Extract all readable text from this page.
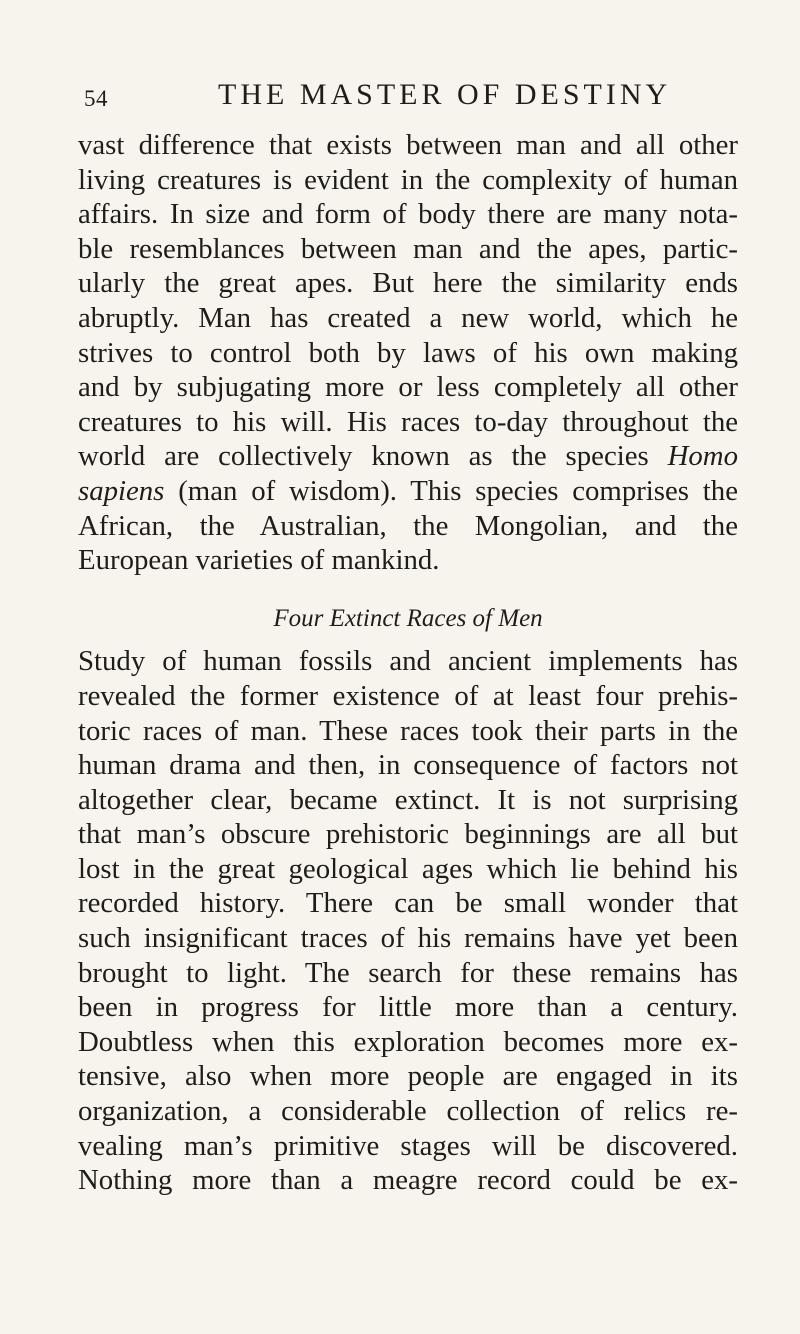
54	THE MASTER OF DESTINY
vast difference that exists between man and all other
living creatures is evident in the complexity of human
affairs. In size and form of body there are many nota-
ble resemblances between man and the apes, partic-
ularly the great apes. But here the similarity ends
abruptly. Man has created a new world, which he
strives to control both by laws of his own making
and by subjugating more or less completely all other
creatures to his will. His races to-day throughout the
world are collectively known as the species Homo
sapiens (man of wisdom). This species comprises the
African, the Australian, the Mongolian, and the
European varieties of mankind.
Four Extinct Races of Men
Study of human fossils and ancient implements has
revealed the former existence of at least four prehis-
toric races of man. These races took their parts in the
human drama and then, in consequence of factors not
altogether clear, became extinct. It is not surprising
that man’s obscure prehistoric beginnings are all but
lost in the great geological ages which lie behind his
recorded history. There can be small wonder that
such insignificant traces of his remains have yet been
brought to light. The search for these remains has
been in progress for little more than a century.
Doubtless when this exploration becomes more ex-
tensive, also when more people are engaged in its
organization, a considerable collection of relics re-
vealing man’s primitive stages will be discovered.
Nothing more than a meagre record could be ex-
